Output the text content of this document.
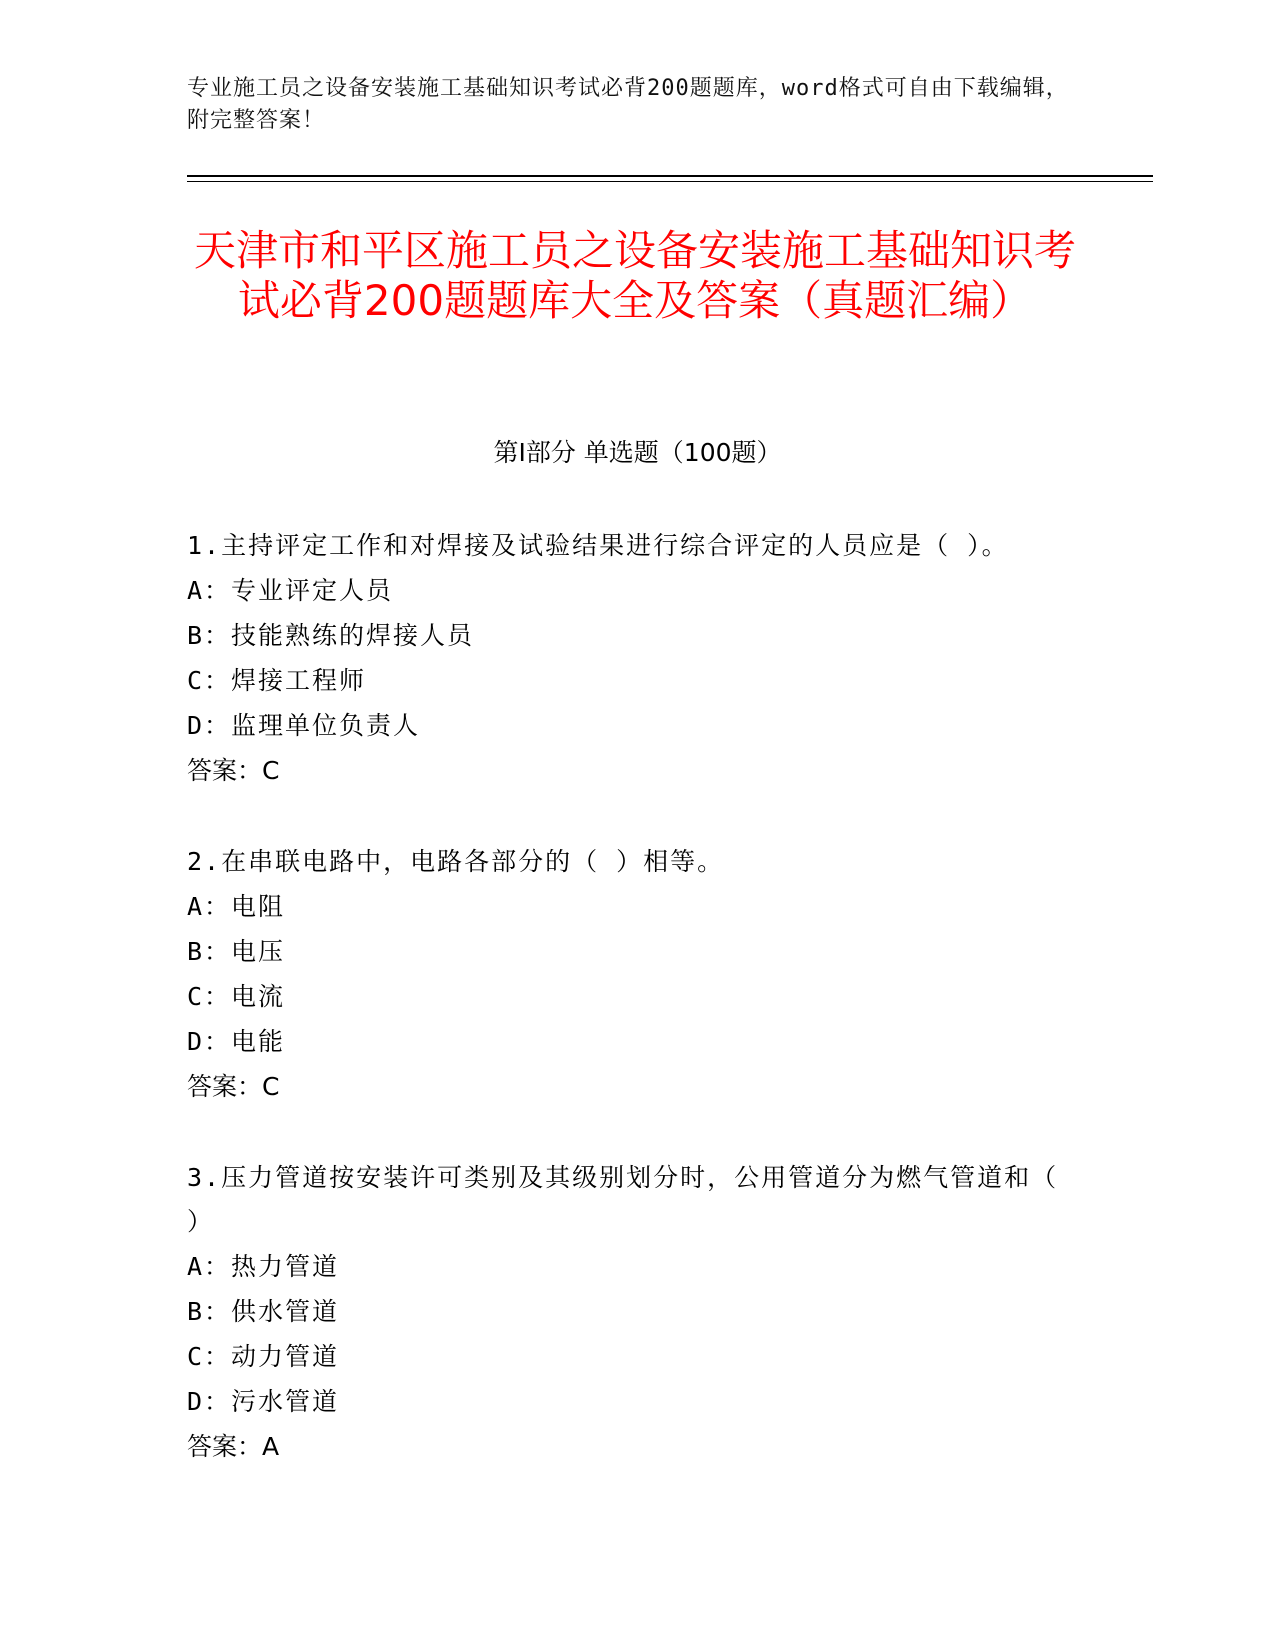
专业施工员之设备安装施工基础知识考试必背200题题库，word格式可自由下载编辑，附完整答案！
天津市和平区施工员之设备安装施工基础知识考试必背200题题库大全及答案（真题汇编）
第Ⅰ部分 单选题（100题）
1.主持评定工作和对焊接及试验结果进行综合评定的人员应是（ ）。
A：专业评定人员
B：技能熟练的焊接人员
C：焊接工程师
D：监理单位负责人
答案：C
2.在串联电路中，电路各部分的（ ）相等。
A：电阻
B：电压
C：电流
D：电能
答案：C
3.压力管道按安装许可类别及其级别划分时，公用管道分为燃气管道和（ ）
A：热力管道
B：供水管道
C：动力管道
D：污水管道
答案：A
